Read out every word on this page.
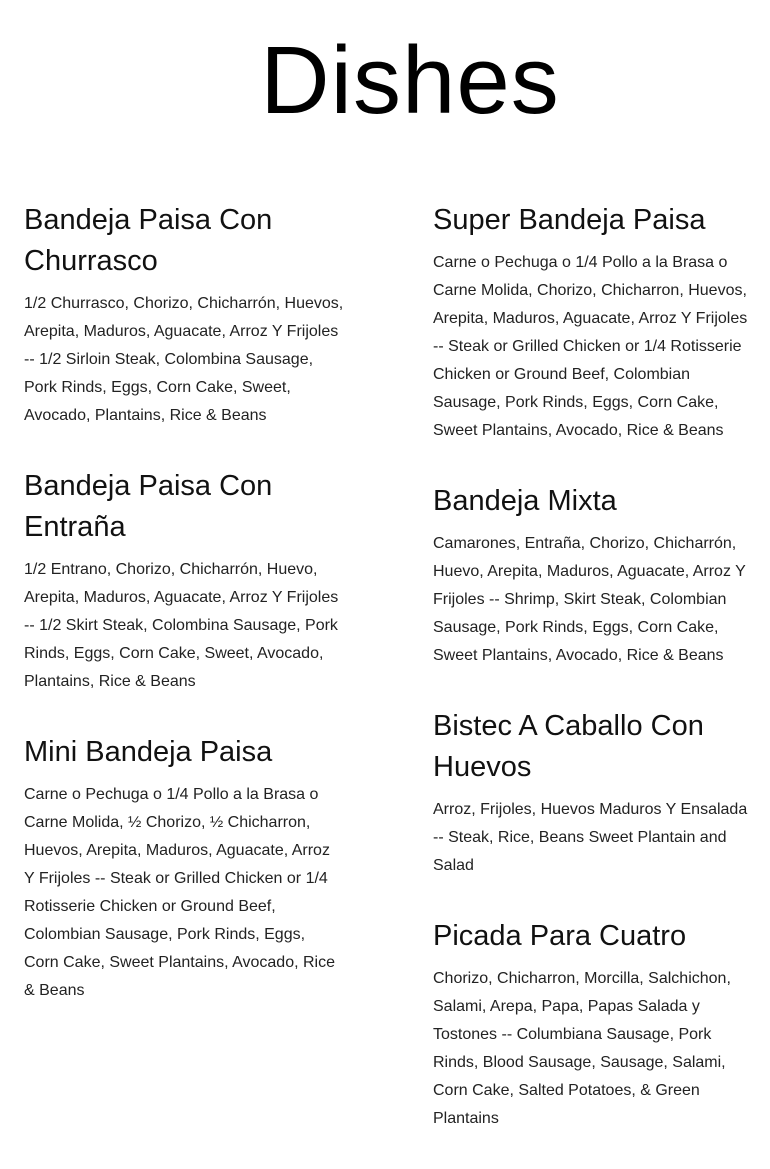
Dishes
Bandeja Paisa Con Churrasco

1/2 Churrasco, Chorizo, Chicharrón, Huevos, Arepita, Maduros, Aguacate, Arroz Y Frijoles -- 1/2 Sirloin Steak, Colombina Sausage, Pork Rinds, Eggs, Corn Cake, Sweet, Avocado, Plantains, Rice & Beans

Bandeja Paisa Con Entraña

1/2 Entrano, Chorizo, Chicharrón, Huevo, Arepita, Maduros, Aguacate, Arroz Y Frijoles -- 1/2 Skirt Steak, Colombina Sausage, Pork Rinds, Eggs, Corn Cake, Sweet, Avocado, Plantains, Rice & Beans

Mini Bandeja Paisa

Carne o Pechuga o 1/4 Pollo a la Brasa o Carne Molida, ½ Chorizo, ½ Chicharron, Huevos, Arepita, Maduros, Aguacate, Arroz Y Frijoles -- Steak or Grilled Chicken or 1/4 Rotisserie Chicken or Ground Beef, Colombian Sausage, Pork Rinds, Eggs, Corn Cake, Sweet Plantains, Avocado, Rice & Beans

Super Bandeja Paisa

Carne o Pechuga o 1/4 Pollo a la Brasa o Carne Molida, Chorizo, Chicharron, Huevos, Arepita, Maduros, Aguacate, Arroz Y Frijoles -- Steak or Grilled Chicken or 1/4 Rotisserie Chicken or Ground Beef, Colombian Sausage, Pork Rinds, Eggs, Corn Cake, Sweet Plantains, Avocado, Rice & Beans

Bandeja Mixta

Camarones, Entraña, Chorizo, Chicharrón, Huevo, Arepita, Maduros, Aguacate, Arroz Y Frijoles -- Shrimp, Skirt Steak, Colombian Sausage, Pork Rinds, Eggs, Corn Cake, Sweet Plantains, Avocado, Rice & Beans

Bistec A Caballo Con Huevos

Arroz, Frijoles, Huevos Maduros Y Ensalada -- Steak, Rice, Beans Sweet Plantain and Salad

Picada Para Cuatro

Chorizo, Chicharron, Morcilla, Salchichon, Salami, Arepa, Papa, Papas Salada y Tostones -- Columbiana Sausage, Pork Rinds, Blood Sausage, Sausage, Salami, Corn Cake, Salted Potatoes, & Green Plantains
